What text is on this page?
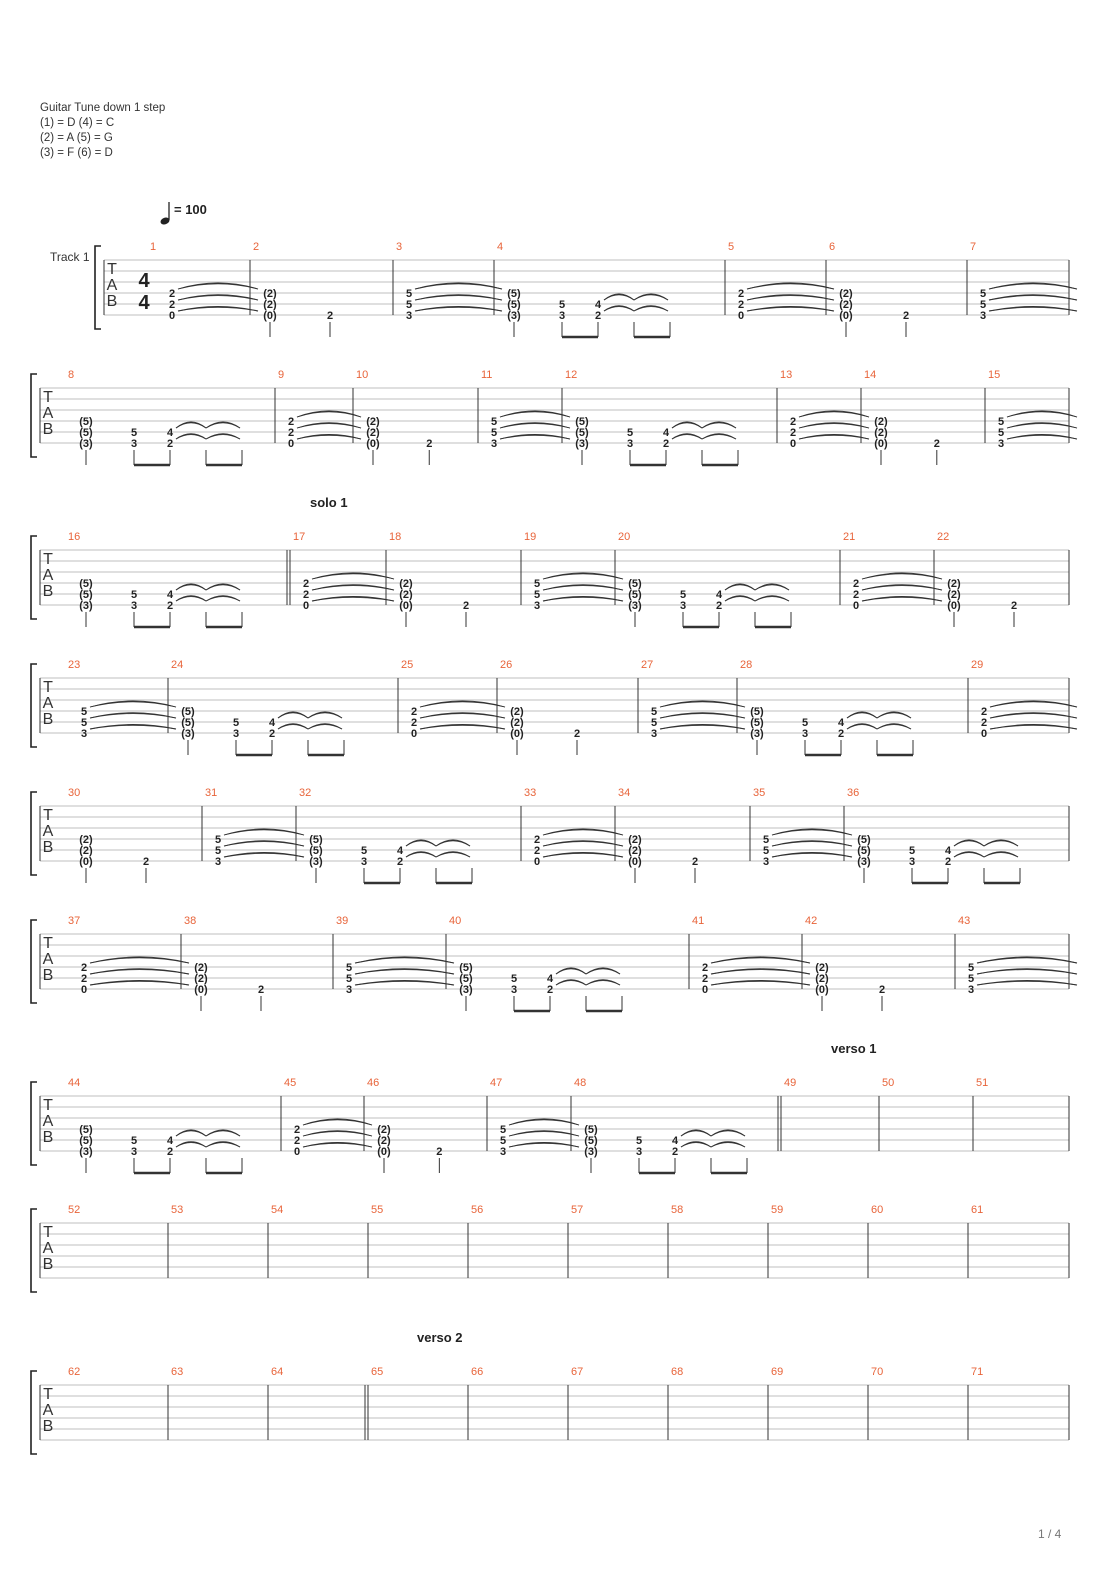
Guitar Tune down 1 step
(1) = D (4) = C
(2) = A (5) = G
(3) = F (6) = D
= 100
Track 1
solo 1
verso 1
verso 2
T
A
B
4
4
1
2
2
0
2
(2)
(2)
(0)	2
3
5
5
3
4
(5)
(5)
(3)
5
3
4
2
5
2
2
0
6
(2)
(2)
(0)	2
7
5
5
3
T
A
B
8
(5)
(5)
(3)
5
3
4
2
9
2
2
0
10
(2)
(2)
(0)	2
11
5
5
3
12
(5)
(5)
(3)
5
3
4
2
13
2
2
0
14
(2)
(2)
(0)	2
15
5
5
3
T
A
B
16
(5)
(5)
(3)
5
3
4
2
17
2
2
0
18
(2)
(2)
(0)	2
19
5
5
3
20
(5)
(5)
(3)
5
3
4
2
21
2
2
0
22
(2)
(2)
(0)	2
T
A
B
23
5
5
3
24
(5)
(5)
(3)
5
3
4
2
25
2
2
0
26
(2)
(2)
(0)	2
27
5
5
3
28
(5)
(5)
(3)
5
3
4
2
29
2
2
0
T
A
B
30
(2)
(2)
(0)	2
31
5
5
3
32
(5)
(5)
(3)
5
3
4
2
33
2
2
0
34
(2)
(2)
(0)	2
35
5
5
3
36
(5)
(5)
(3)
5
3
4
2
T
A
B
37
2
2
0
38
(2)
(2)
(0)	2
39
5
5
3
40
(5)
(5)
(3)
5
3
4
2
41
2
2
0
42
(2)
(2)
(0)	2
43
5
5
3
T
A
B
44
(5)
(5)
(3)
5
3
4
2
45
2
2
0
46
(2)
(2)
(0)	2
47
5
5
3
48
(5)
(5)
(3)
5
3
4
2
49	50	51
T
A
B
52	53	54	55	56	57	58	59	60	61
T
A
B
62	63	64	65	66	67	68	69	70	71
1 / 4
